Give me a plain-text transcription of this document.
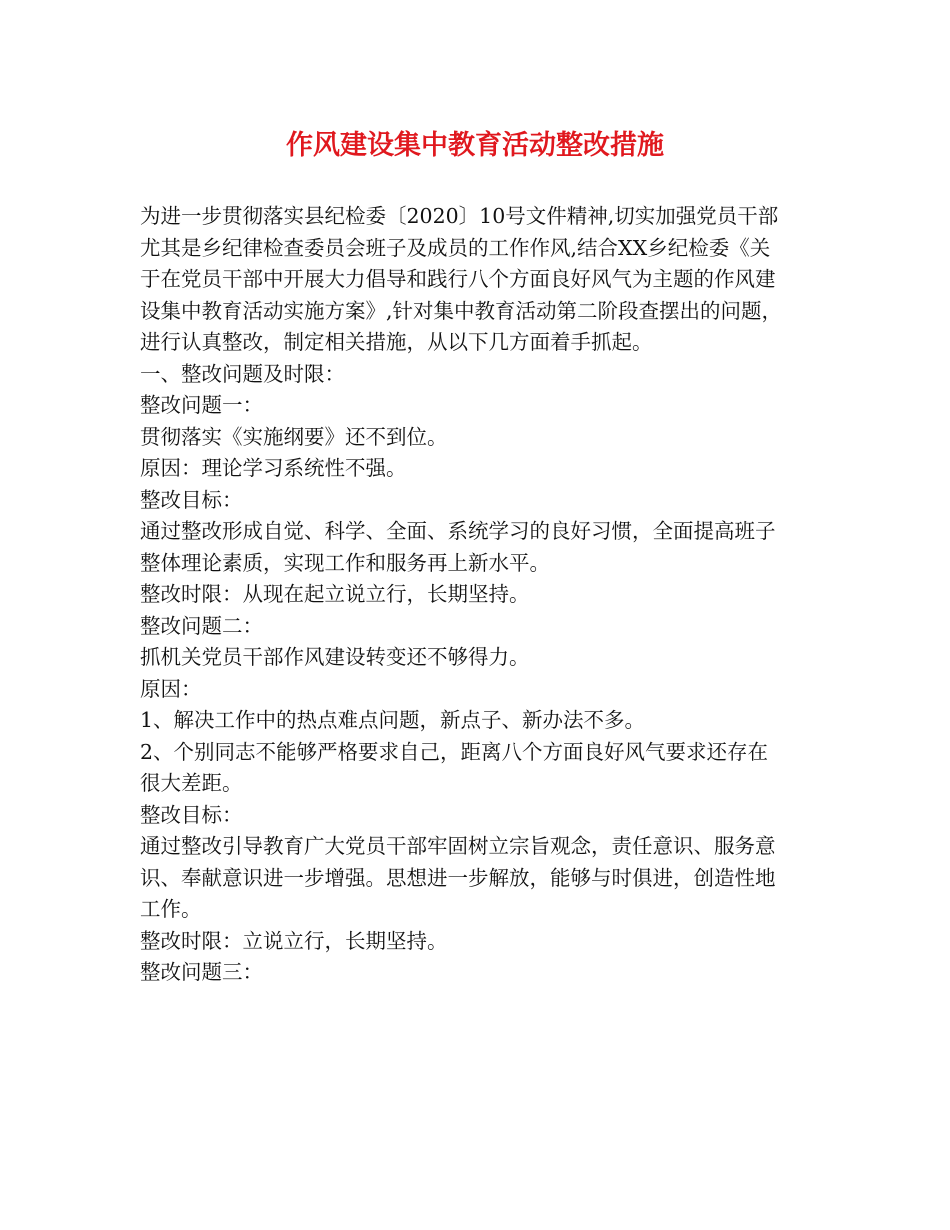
作风建设集中教育活动整改措施
为进一步贯彻落实县纪检委〔2020〕10号文件精神,切实加强党员干部
尤其是乡纪律检查委员会班子及成员的工作作风,结合XX乡纪检委《关
于在党员干部中开展大力倡导和践行八个方面良好风气为主题的作风建
设集中教育活动实施方案》,针对集中教育活动第二阶段查摆出的问题，
进行认真整改，制定相关措施，从以下几方面着手抓起。
一、整改问题及时限：
整改问题一：
贯彻落实《实施纲要》还不到位。
原因：理论学习系统性不强。
整改目标：
通过整改形成自觉、科学、全面、系统学习的良好习惯，全面提高班子
整体理论素质，实现工作和服务再上新水平。
整改时限：从现在起立说立行，长期坚持。
整改问题二：
抓机关党员干部作风建设转变还不够得力。
原因：
1、解决工作中的热点难点问题，新点子、新办法不多。
2、个别同志不能够严格要求自己，距离八个方面良好风气要求还存在
很大差距。
整改目标：
通过整改引导教育广大党员干部牢固树立宗旨观念，责任意识、服务意
识、奉献意识进一步增强。思想进一步解放，能够与时俱进，创造性地
工作。
整改时限：立说立行，长期坚持。
整改问题三：
